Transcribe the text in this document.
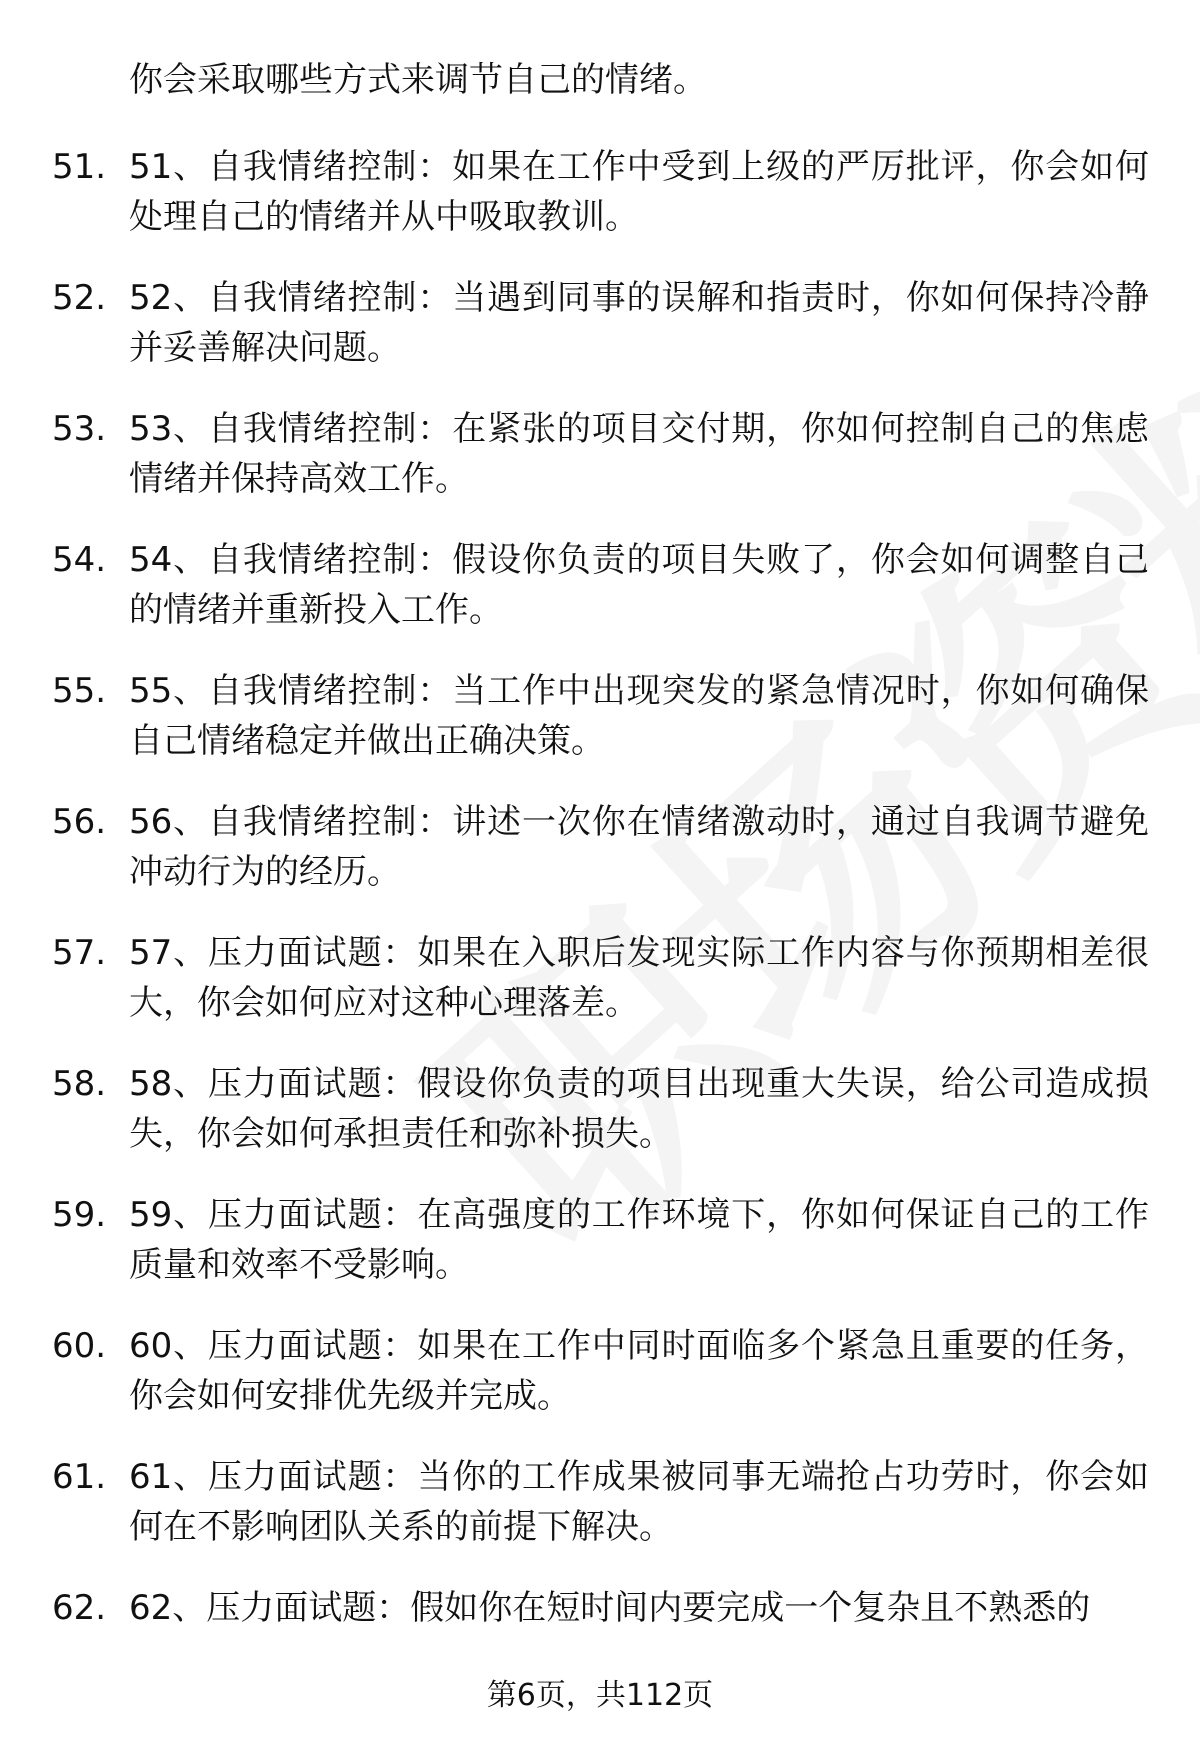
你会采取哪些方式来调节自己的情绪。
51. 51、自我情绪控制：如果在工作中受到上级的严厉批评，你会如何处理自己的情绪并从中吸取教训。
52. 52、自我情绪控制：当遇到同事的误解和指责时，你如何保持冷静并妥善解决问题。
53. 53、自我情绪控制：在紧张的项目交付期，你如何控制自己的焦虑情绪并保持高效工作。
54. 54、自我情绪控制：假设你负责的项目失败了，你会如何调整自己的情绪并重新投入工作。
55. 55、自我情绪控制：当工作中出现突发的紧急情况时，你如何确保自己情绪稳定并做出正确决策。
56. 56、自我情绪控制：讲述一次你在情绪激动时，通过自我调节避免冲动行为的经历。
57. 57、压力面试题：如果在入职后发现实际工作内容与你预期相差很大，你会如何应对这种心理落差。
58. 58、压力面试题：假设你负责的项目出现重大失误，给公司造成损失，你会如何承担责任和弥补损失。
59. 59、压力面试题：在高强度的工作环境下，你如何保证自己的工作质量和效率不受影响。
60. 60、压力面试题：如果在工作中同时面临多个紧急且重要的任务，你会如何安排优先级并完成。
61. 61、压力面试题：当你的工作成果被同事无端抢占功劳时，你会如何在不影响团队关系的前提下解决。
62. 62、压力面试题：假如你在短时间内要完成一个复杂且不熟悉的
第6页，共112页
